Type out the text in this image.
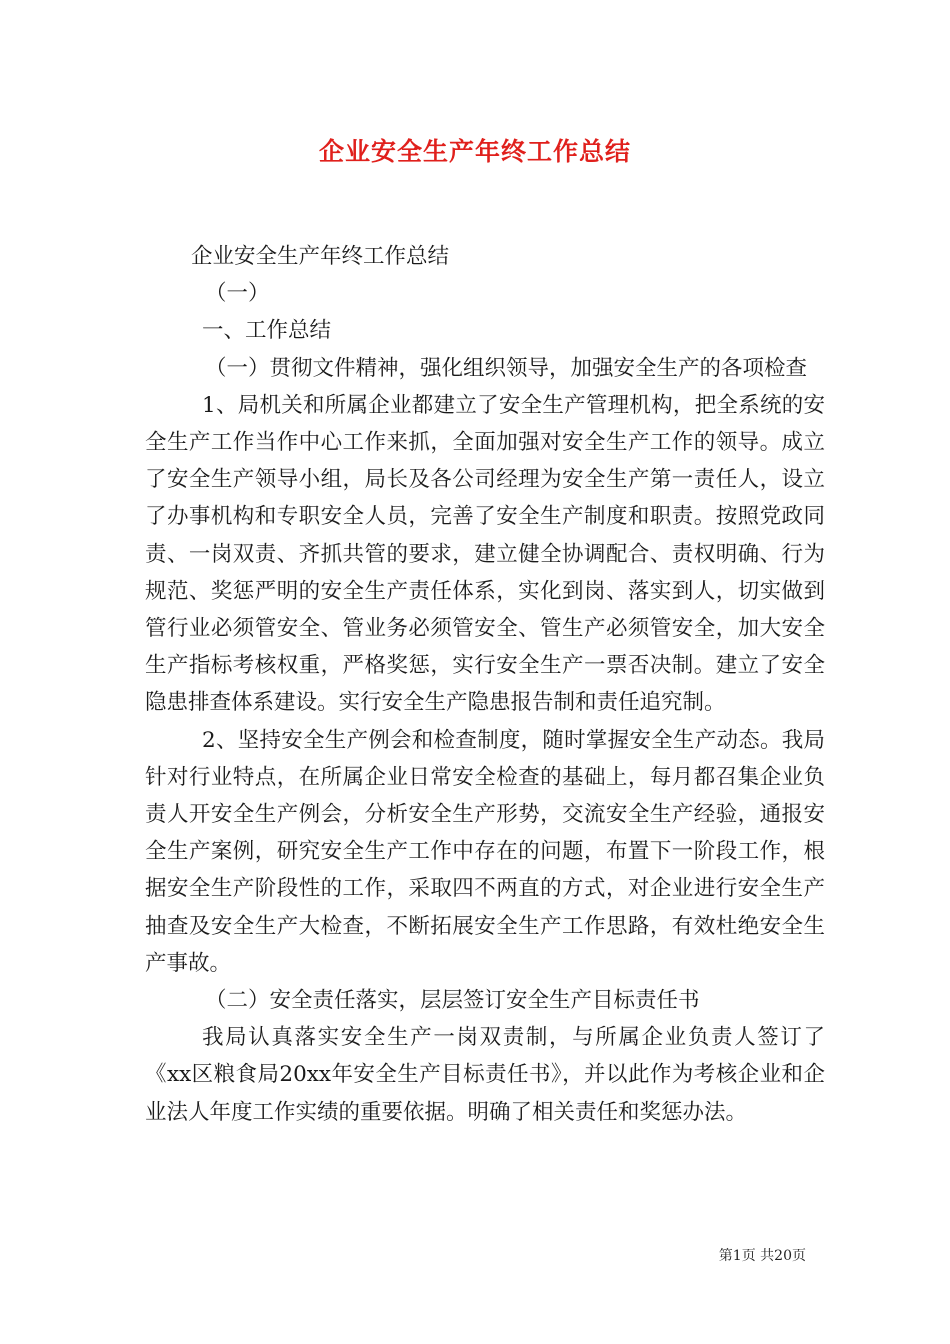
企业安全生产年终工作总结

企业安全生产年终工作总结

（一）

一、工作总结

（一）贯彻文件精神，强化组织领导，加强安全生产的各项检查

1、局机关和所属企业都建立了安全生产管理机构，把全系统的安全生产工作当作中心工作来抓，全面加强对安全生产工作的领导。成立了安全生产领导小组，局长及各公司经理为安全生产第一责任人，设立了办事机构和专职安全人员，完善了安全生产制度和职责。按照党政同责、一岗双责、齐抓共管的要求，建立健全协调配合、责权明确、行为规范、奖惩严明的安全生产责任体系，实化到岗、落实到人，切实做到管行业必须管安全、管业务必须管安全、管生产必须管安全，加大安全生产指标考核权重，严格奖惩，实行安全生产一票否决制。建立了安全隐患排查体系建设。实行安全生产隐患报告制和责任追究制。

2、坚持安全生产例会和检查制度，随时掌握安全生产动态。我局针对行业特点，在所属企业日常安全检查的基础上，每月都召集企业负责人开安全生产例会，分析安全生产形势，交流安全生产经验，通报安全生产案例，研究安全生产工作中存在的问题，布置下一阶段工作，根据安全生产阶段性的工作，采取四不两直的方式，对企业进行安全生产抽查及安全生产大检查，不断拓展安全生产工作思路，有效杜绝安全生产事故。

（二）安全责任落实，层层签订安全生产目标责任书

我局认真落实安全生产一岗双责制，与所属企业负责人签订了《xx区粮食局20xx年安全生产目标责任书》，并以此作为考核企业和企业法人年度工作实绩的重要依据。明确了相关责任和奖惩办法。

第1页 共20页
